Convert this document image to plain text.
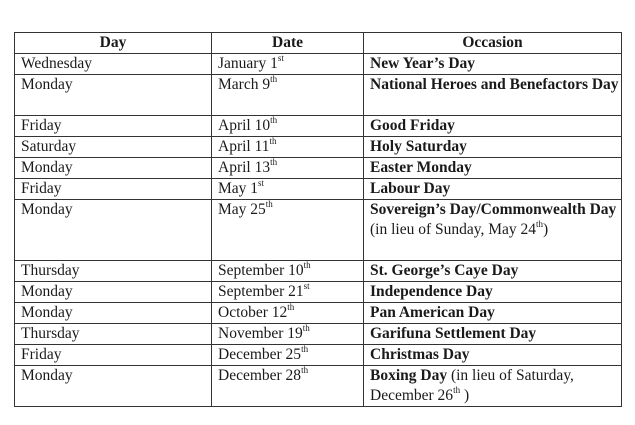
Day	Date	Occasion
Wednesday	January 1st	New Year’s Day
Monday	March 9th	National Heroes and Benefactors Day
Friday	April 10th	Good Friday
Saturday	April 11th	Holy Saturday
Monday	April 13th	Easter Monday
Friday	May 1st	Labour Day
Monday	May 25th	Sovereign’s Day/Commonwealth Day (in lieu of Sunday, May 24th)
Thursday	September 10th	St. George’s Caye Day
Monday	September 21st	Independence Day
Monday	October 12th	Pan American Day
Thursday	November 19th	Garifuna Settlement Day
Friday	December 25th	Christmas Day
Monday	December 28th	Boxing Day (in lieu of Saturday, December 26th )
